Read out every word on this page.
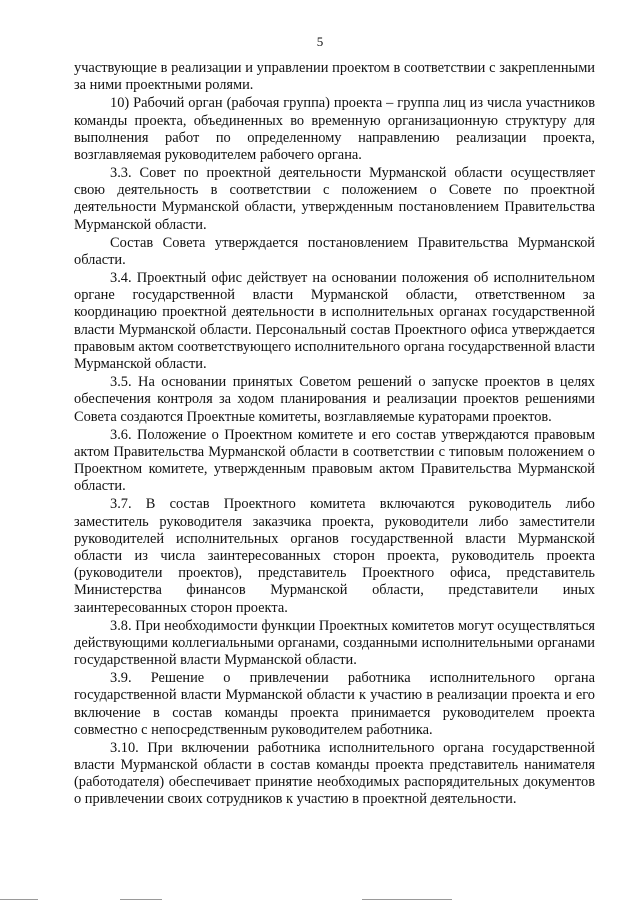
5

участвующие в реализации и управлении проектом в соответствии с закрепленными за ними проектными ролями.

10) Рабочий орган (рабочая группа) проекта – группа лиц из числа участников команды проекта, объединенных во временную организационную структуру для выполнения работ по определенному направлению реализации проекта, возглавляемая руководителем рабочего органа.

3.3. Совет по проектной деятельности Мурманской области осуществляет свою деятельность в соответствии с положением о Совете по проектной деятельности Мурманской области, утвержденным постановлением Правительства Мурманской области.

Состав Совета утверждается постановлением Правительства Мурманской области.

3.4. Проектный офис действует на основании положения об исполнительном органе государственной власти Мурманской области, ответственном за координацию проектной деятельности в исполнительных органах государственной власти Мурманской области. Персональный состав Проектного офиса утверждается правовым актом соответствующего исполнительного органа государственной власти Мурманской области.

3.5. На основании принятых Советом решений о запуске проектов в целях обеспечения контроля за ходом планирования и реализации проектов решениями Совета создаются Проектные комитеты, возглавляемые кураторами проектов.

3.6. Положение о Проектном комитете и его состав утверждаются правовым актом Правительства Мурманской области в соответствии с типовым положением о Проектном комитете, утвержденным правовым актом Правительства Мурманской области.

3.7. В состав Проектного комитета включаются руководитель либо заместитель руководителя заказчика проекта, руководители либо заместители руководителей исполнительных органов государственной власти Мурманской области из числа заинтересованных сторон проекта, руководитель проекта (руководители проектов), представитель Проектного офиса, представитель Министерства финансов Мурманской области, представители иных заинтересованных сторон проекта.

3.8. При необходимости функции Проектных комитетов могут осуществляться действующими коллегиальными органами, созданными исполнительными органами государственной власти Мурманской области.

3.9. Решение о привлечении работника исполнительного органа государственной власти Мурманской области к участию в реализации проекта и его включение в состав команды проекта принимается руководителем проекта совместно с непосредственным руководителем работника.

3.10. При включении работника исполнительного органа государственной власти Мурманской области в состав команды проекта представитель нанимателя (работодателя) обеспечивает принятие необходимых распорядительных документов о привлечении своих сотрудников к участию в проектной деятельности.
